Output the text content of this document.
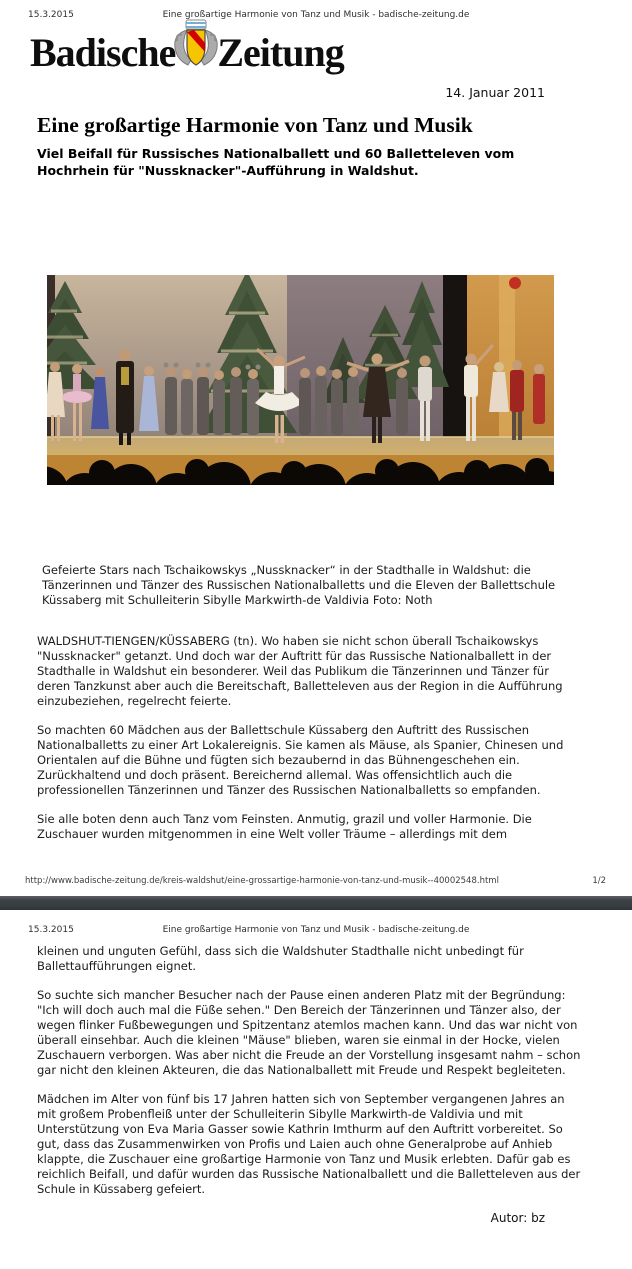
15.3.2015	Eine großartige Harmonie von Tanz und Musik - badische-zeitung.de
Badische Zeitung
14. Januar 2011
Eine großartige Harmonie von Tanz und Musik
Viel Beifall für Russisches Nationalballett und 60 Balletteleven vom Hochrhein für "Nussknacker"-Aufführung in Waldshut.
Gefeierte Stars nach Tschaikowskys „Nussknacker“ in der Stadthalle in Waldshut: die Tänzerinnen und Tänzer des Russischen Nationalballetts und die Eleven der Ballettschule Küssaberg mit Schulleiterin Sibylle Markwirth-de Valdivia Foto: Noth

WALDSHUT-TIENGEN/KÜSSABERG (tn). Wo haben sie nicht schon überall Tschaikowskys "Nussknacker" getanzt. Und doch war der Auftritt für das Russische Nationalballett in der Stadthalle in Waldshut ein besonderer. Weil das Publikum die Tänzerinnen und Tänzer für deren Tanzkunst aber auch die Bereitschaft, Balletteleven aus der Region in die Aufführung einzubeziehen, regelrecht feierte.

So machten 60 Mädchen aus der Ballettschule Küssaberg den Auftritt des Russischen Nationalballetts zu einer Art Lokalereignis. Sie kamen als Mäuse, als Spanier, Chinesen und Orientalen auf die Bühne und fügten sich bezaubernd in das Bühnengeschehen ein. Zurückhaltend und doch präsent. Bereichernd allemal. Was offensichtlich auch die professionellen Tänzerinnen und Tänzer des Russischen Nationalballetts so empfanden.

Sie alle boten denn auch Tanz vom Feinsten. Anmutig, grazil und voller Harmonie. Die Zuschauer wurden mitgenommen in eine Welt voller Träume – allerdings mit dem

http://www.badische-zeitung.de/kreis-waldshut/eine-grossartige-harmonie-von-tanz-und-musik--40002548.html	1/2
15.3.2015	Eine großartige Harmonie von Tanz und Musik - badische-zeitung.de

kleinen und unguten Gefühl, dass sich die Waldshuter Stadthalle nicht unbedingt für Ballettaufführungen eignet.

So suchte sich mancher Besucher nach der Pause einen anderen Platz mit der Begründung: "Ich will doch auch mal die Füße sehen." Den Bereich der Tänzerinnen und Tänzer also, der wegen flinker Fußbewegungen und Spitzentanz atemlos machen kann. Und das war nicht von überall einsehbar. Auch die kleinen "Mäuse" blieben, waren sie einmal in der Hocke, vielen Zuschauern verborgen. Was aber nicht die Freude an der Vorstellung insgesamt nahm – schon gar nicht den kleinen Akteuren, die das Nationalballett mit Freude und Respekt begleiteten.

Mädchen im Alter von fünf bis 17 Jahren hatten sich von September vergangenen Jahres an mit großem Probenfleiß unter der Schulleiterin Sibylle Markwirth-de Valdivia und mit Unterstützung von Eva Maria Gasser sowie Kathrin Imthurm auf den Auftritt vorbereitet. So gut, dass das Zusammenwirken von Profis und Laien auch ohne Generalprobe auf Anhieb klappte, die Zuschauer eine großartige Harmonie von Tanz und Musik erlebten. Dafür gab es reichlich Beifall, und dafür wurden das Russische Nationalballett und die Balletteleven aus der Schule in Küssaberg gefeiert.

Autor: bz
